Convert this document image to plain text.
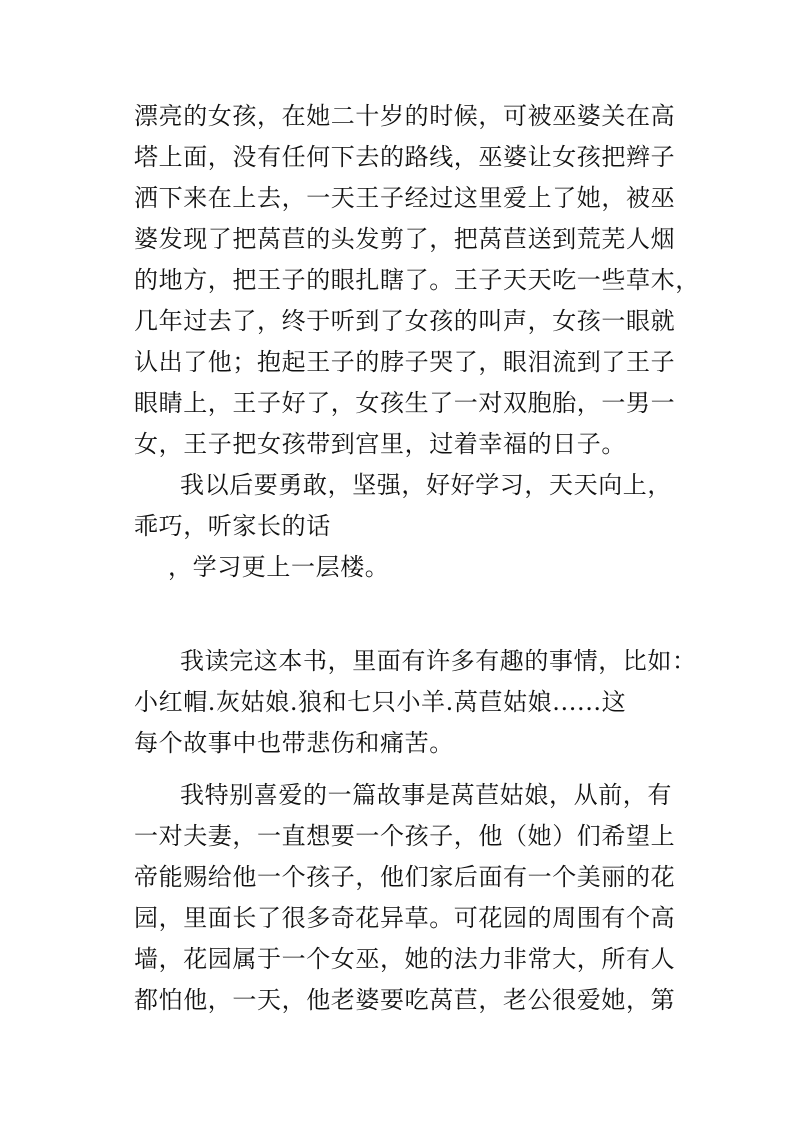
漂亮的女孩，在她二十岁的时候，可被巫婆关在高
塔上面，没有任何下去的路线，巫婆让女孩把辫子
洒下来在上去，一天王子经过这里爱上了她，被巫
婆发现了把莴苣的头发剪了，把莴苣送到荒芜人烟
的地方，把王子的眼扎瞎了。王子天天吃一些草木，
几年过去了，终于听到了女孩的叫声，女孩一眼就
认出了他；抱起王子的脖子哭了，眼泪流到了王子
眼睛上，王子好了，女孩生了一对双胞胎，一男一
女，王子把女孩带到宫里，过着幸福的日子。
我以后要勇敢，坚强，好好学习，天天向上，
乖巧，听家长的话
，学习更上一层楼。
我读完这本书，里面有许多有趣的事情，比如：
小红帽.灰姑娘.狼和七只小羊.莴苣姑娘......这
每个故事中也带悲伤和痛苦。
我特别喜爱的一篇故事是莴苣姑娘，从前，有
一对夫妻，一直想要一个孩子，他（她）们希望上
帝能赐给他一个孩子，他们家后面有一个美丽的花
园，里面长了很多奇花异草。可花园的周围有个高
墙，花园属于一个女巫，她的法力非常大，所有人
都怕他，一天，他老婆要吃莴苣，老公很爱她，第
